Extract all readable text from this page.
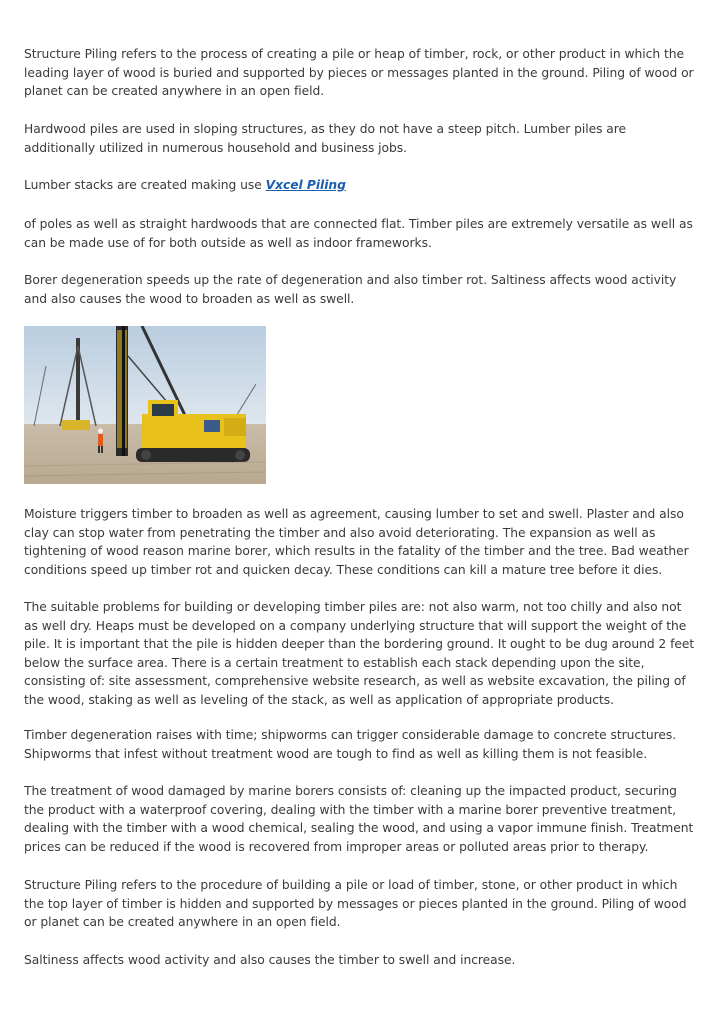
Structure Piling refers to the process of creating a pile or heap of timber, rock, or other product in which the leading layer of wood is buried and supported by pieces or messages planted in the ground. Piling of wood or planet can be created anywhere in an open field.

Hardwood piles are used in sloping structures, as they do not have a steep pitch. Lumber piles are additionally utilized in numerous household and business jobs.

Lumber stacks are created making use Vxcel Piling

of poles as well as straight hardwoods that are connected flat. Timber piles are extremely versatile as well as can be made use of for both outside as well as indoor frameworks.

Borer degeneration speeds up the rate of degeneration and also timber rot. Saltiness affects wood activity and also causes the wood to broaden as well as swell.

Moisture triggers timber to broaden as well as agreement, causing lumber to set and swell. Plaster and also clay can stop water from penetrating the timber and also avoid deteriorating. The expansion as well as tightening of wood reason marine borer, which results in the fatality of the timber and the tree. Bad weather conditions speed up timber rot and quicken decay. These conditions can kill a mature tree before it dies.

The suitable problems for building or developing timber piles are: not also warm, not too chilly and also not as well dry. Heaps must be developed on a company underlying structure that will support the weight of the pile. It is important that the pile is hidden deeper than the bordering ground. It ought to be dug around 2 feet below the surface area. There is a certain treatment to establish each stack depending upon the site, consisting of: site assessment, comprehensive website research, as well as website excavation, the piling of the wood, staking as well as leveling of the stack, as well as application of appropriate products.

Timber degeneration raises with time; shipworms can trigger considerable damage to concrete structures. Shipworms that infest without treatment wood are tough to find as well as killing them is not feasible.

The treatment of wood damaged by marine borers consists of: cleaning up the impacted product, securing the product with a waterproof covering, dealing with the timber with a marine borer preventive treatment, dealing with the timber with a wood chemical, sealing the wood, and using a vapor immune finish. Treatment prices can be reduced if the wood is recovered from improper areas or polluted areas prior to therapy.

Structure Piling refers to the procedure of building a pile or load of timber, stone, or other product in which the top layer of timber is hidden and supported by messages or pieces planted in the ground. Piling of wood or planet can be created anywhere in an open field.

Saltiness affects wood activity and also causes the timber to swell and increase.
